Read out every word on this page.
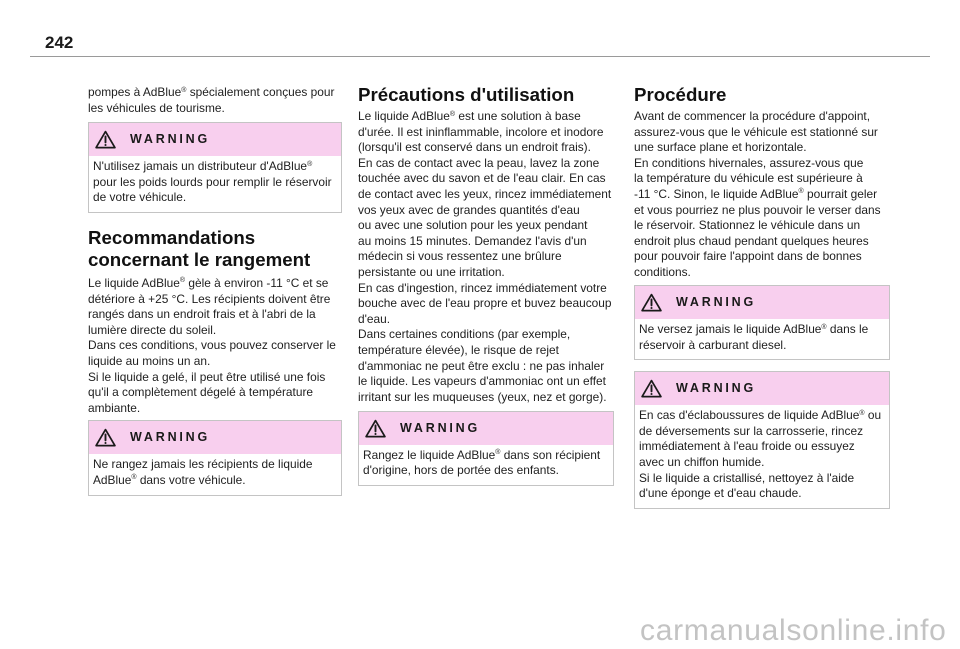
242

pompes à AdBlue® spécialement conçues pour
les véhicules de tourisme.

WARNING

N'utilisez jamais un distributeur d'AdBlue®
pour les poids lourds pour remplir le réservoir
de votre véhicule.

Recommandations
concernant le rangement

Le liquide AdBlue® gèle à environ -11 °C et se
détériore à +25 °C. Les récipients doivent être
rangés dans un endroit frais et à l'abri de la
lumière directe du soleil.
Dans ces conditions, vous pouvez conserver le
liquide au moins un an.
Si le liquide a gelé, il peut être utilisé une fois
qu'il a complètement dégelé à température
ambiante.

WARNING

Ne rangez jamais les récipients de liquide
AdBlue® dans votre véhicule.

Précautions d'utilisation

Le liquide AdBlue® est une solution à base
d'urée. Il est ininflammable, incolore et inodore
(lorsqu'il est conservé dans un endroit frais).
En cas de contact avec la peau, lavez la zone
touchée avec du savon et de l'eau clair. En cas
de contact avec les yeux, rincez immédiatement
vos yeux avec de grandes quantités d'eau
ou avec une solution pour les yeux pendant
au moins 15 minutes. Demandez l'avis d'un
médecin si vous ressentez une brûlure
persistante ou une irritation.
En cas d'ingestion, rincez immédiatement votre
bouche avec de l'eau propre et buvez beaucoup
d'eau.
Dans certaines conditions (par exemple,
température élevée), le risque de rejet
d'ammoniac ne peut être exclu : ne pas inhaler
le liquide. Les vapeurs d'ammoniac ont un effet
irritant sur les muqueuses (yeux, nez et gorge).

WARNING

Rangez le liquide AdBlue® dans son récipient
d'origine, hors de portée des enfants.

Procédure

Avant de commencer la procédure d'appoint,
assurez-vous que le véhicule est stationné sur
une surface plane et horizontale.
En conditions hivernales, assurez-vous que
la température du véhicule est supérieure à
-11 °C. Sinon, le liquide AdBlue® pourrait geler
et vous pourriez ne plus pouvoir le verser dans
le réservoir. Stationnez le véhicule dans un
endroit plus chaud pendant quelques heures
pour pouvoir faire l'appoint dans de bonnes
conditions.

WARNING

Ne versez jamais le liquide AdBlue® dans le
réservoir à carburant diesel.

WARNING

En cas d'éclaboussures de liquide AdBlue® ou
de déversements sur la carrosserie, rincez
immédiatement à l'eau froide ou essuyez
avec un chiffon humide.
Si le liquide a cristallisé, nettoyez à l'aide
d'une éponge et d'eau chaude.

carmanualsonline.info
